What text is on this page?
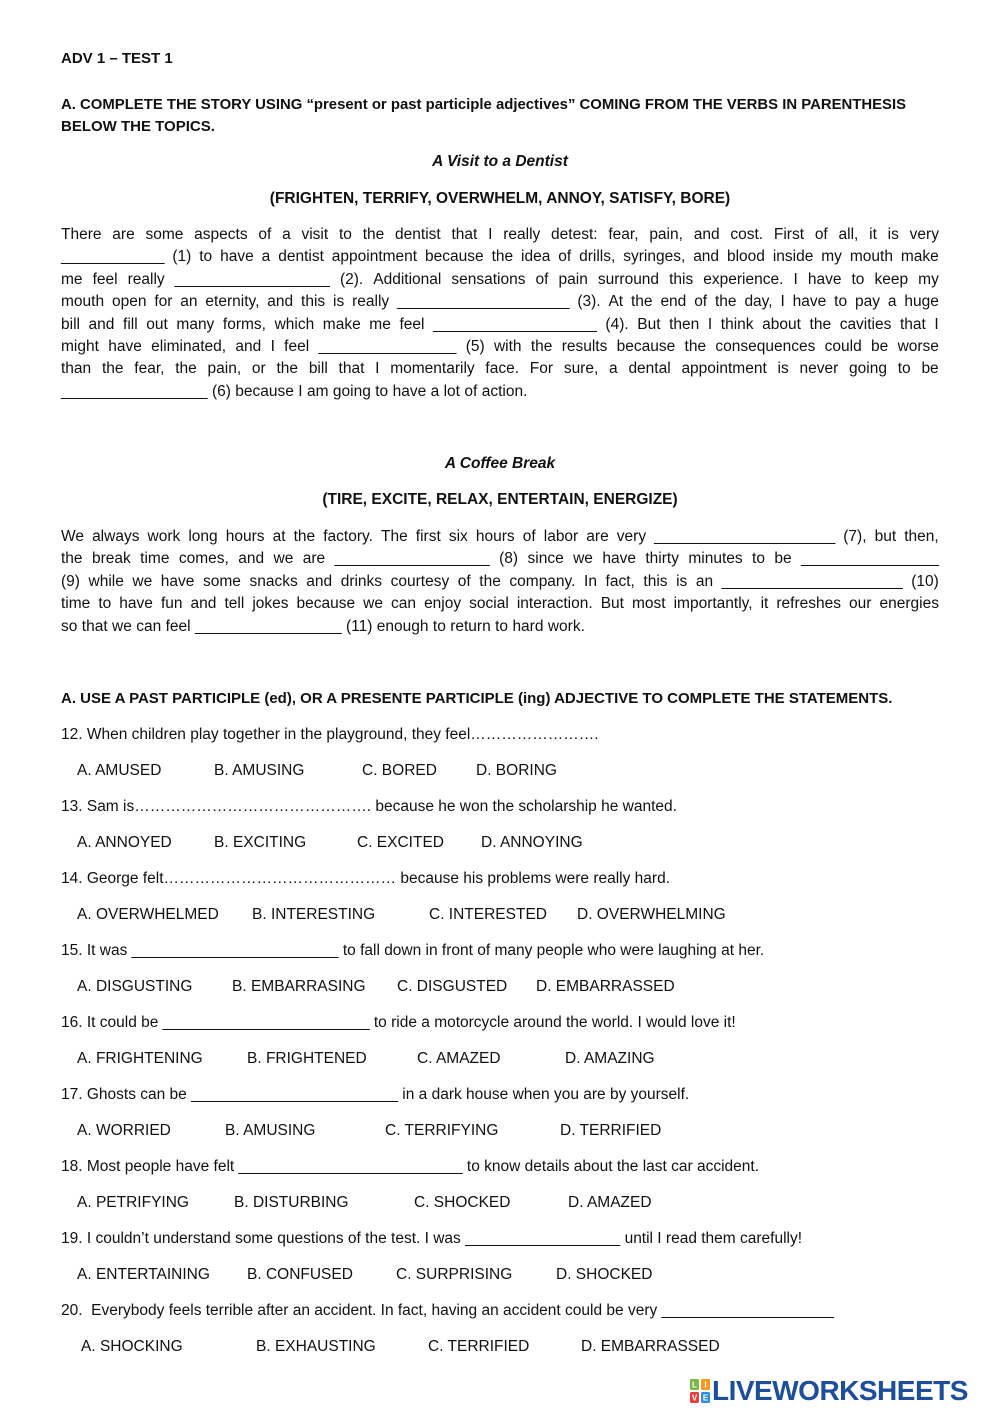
ADV 1 – TEST 1
A. COMPLETE THE STORY USING “present or past participle adjectives” COMING FROM THE VERBS IN PARENTHESIS
BELOW THE TOPICS.
A Visit to a Dentist
(FRIGHTEN, TERRIFY, OVERWHELM, ANNOY, SATISFY, BORE)
There are some aspects of a visit to the dentist that I really detest: fear, pain, and cost. First of all, it is very
____________ (1) to have a dentist appointment because the idea of drills, syringes, and blood inside my mouth make
me feel really __________________ (2). Additional sensations of pain surround this experience. I have to keep my
mouth open for an eternity, and this is really ____________________ (3). At the end of the day, I have to pay a huge
bill and fill out many forms, which make me feel ___________________ (4). But then I think about the cavities that I
might have eliminated, and I feel ________________ (5) with the results because the consequences could be worse
than the fear, the pain, or the bill that I momentarily face. For sure, a dental appointment is never going to be
_________________ (6) because I am going to have a lot of action.
A Coffee Break
(TIRE, EXCITE, RELAX, ENTERTAIN, ENERGIZE)
We always work long hours at the factory. The first six hours of labor are very _____________________ (7), but then,
the break time comes, and we are __________________ (8) since we have thirty minutes to be ________________
(9) while we have some snacks and drinks courtesy of the company. In fact, this is an _____________________ (10)
time to have fun and tell jokes because we can enjoy social interaction. But most importantly, it refreshes our energies
so that we can feel _________________ (11) enough to return to hard work.
A. USE A PAST PARTICIPLE (ed), OR A PRESENTE PARTICIPLE (ing) ADJECTIVE TO COMPLETE THE STATEMENTS.
12. When children play together in the playground, they feel…………………….
A. AMUSED	B. AMUSING	C. BORED	D. BORING
13. Sam is………………………………………. because he won the scholarship he wanted.
A. ANNOYED	B. EXCITING	C. EXCITED D. ANNOYING
14. George felt……………………………………… because his problems were really hard.
A. OVERWHELMED B. INTERESTING	C. INTERESTED D. OVERWHELMING
15. It was ________________________ to fall down in front of many people who were laughing at her.
A. DISGUSTING	B. EMBARRASING C. DISGUSTED D. EMBARRASSED
16. It could be ________________________ to ride a motorcycle around the world. I would love it!
A. FRIGHTENING	B. FRIGHTENED	C. AMAZED	D. AMAZING
17. Ghosts can be ________________________ in a dark house when you are by yourself.
A. WORRIED	B. AMUSING	C. TERRIFYING	D. TERRIFIED
18. Most people have felt __________________________ to know details about the last car accident.
A. PETRIFYING	B. DISTURBING	C. SHOCKED	D. AMAZED
19. I couldn’t understand some questions of the test. I was __________________ until I read them carefully!
A. ENTERTAINING B. CONFUSED	C. SURPRISING	D. SHOCKED
20.  Everybody feels terrible after an accident. In fact, having an accident could be very ____________________
A. SHOCKING	B. EXHAUSTING	C. TERRIFIED	D. EMBARRASSED
L I
V E LIVEWORKSHEETS
